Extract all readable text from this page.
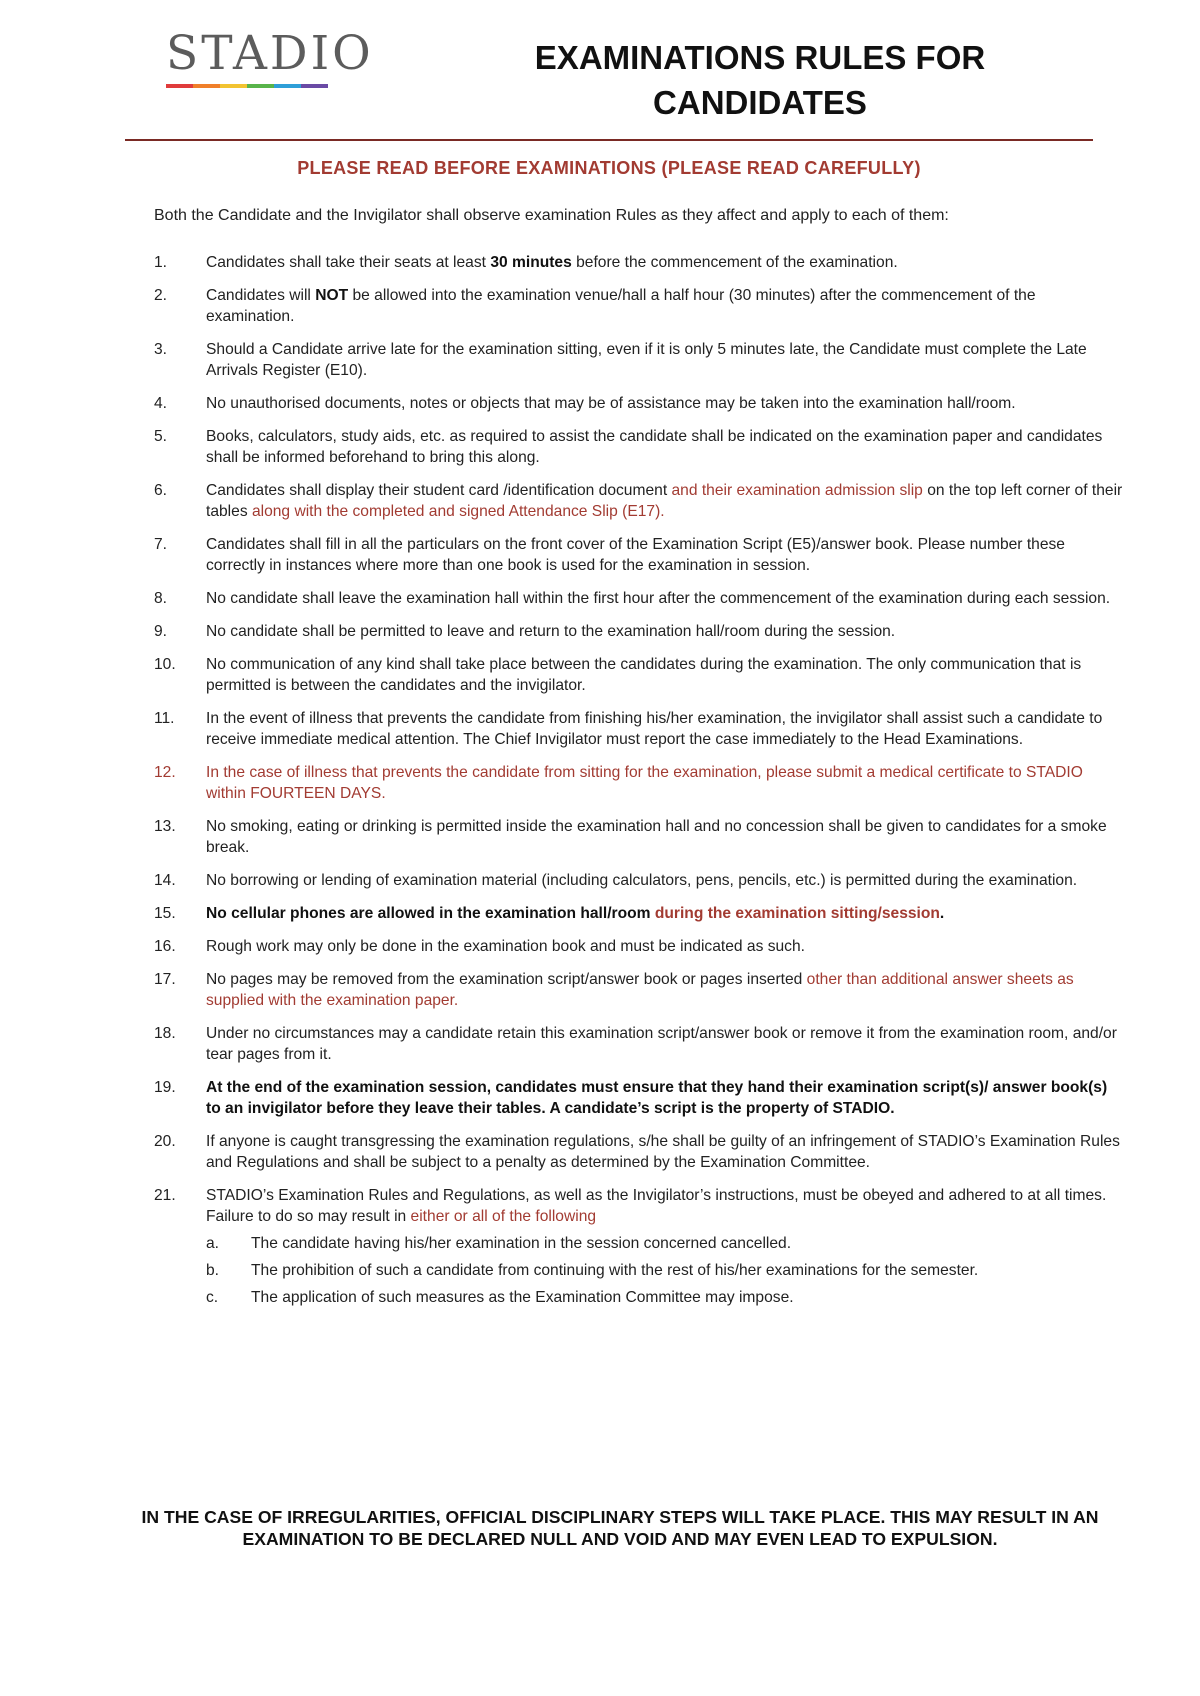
STADIO	EXAMINATIONS RULES FOR
CANDIDATES
PLEASE READ BEFORE EXAMINATIONS (PLEASE READ CAREFULLY)
Both the Candidate and the Invigilator shall observe examination Rules as they affect and apply to each of them:
1. Candidates shall take their seats at least 30 minutes before the commencement of the examination.
2. Candidates will NOT be allowed into the examination venue/hall a half hour (30 minutes) after the commencement of the examination.
3. Should a Candidate arrive late for the examination sitting, even if it is only 5 minutes late, the Candidate must complete the Late Arrivals Register (E10).
4. No unauthorised documents, notes or objects that may be of assistance may be taken into the examination hall/room.
5. Books, calculators, study aids, etc. as required to assist the candidate shall be indicated on the examination paper and candidates shall be informed beforehand to bring this along.
6. Candidates shall display their student card /identification document and their examination admission slip on the top left corner of their tables along with the completed and signed Attendance Slip (E17).
7. Candidates shall fill in all the particulars on the front cover of the Examination Script (E5)/answer book. Please number these correctly in instances where more than one book is used for the examination in session.
8. No candidate shall leave the examination hall within the first hour after the commencement of the examination during each session.
9. No candidate shall be permitted to leave and return to the examination hall/room during the session.
10. No communication of any kind shall take place between the candidates during the examination. The only communication that is permitted is between the candidates and the invigilator.
11. In the event of illness that prevents the candidate from finishing his/her examination, the invigilator shall assist such a candidate to receive immediate medical attention. The Chief Invigilator must report the case immediately to the Head Examinations.
12. In the case of illness that prevents the candidate from sitting for the examination, please submit a medical certificate to STADIO within FOURTEEN DAYS.
13. No smoking, eating or drinking is permitted inside the examination hall and no concession shall be given to candidates for a smoke break.
14. No borrowing or lending of examination material (including calculators, pens, pencils, etc.) is permitted during the examination.
15. No cellular phones are allowed in the examination hall/room during the examination sitting/session.
16. Rough work may only be done in the examination book and must be indicated as such.
17. No pages may be removed from the examination script/answer book or pages inserted other than additional answer sheets as supplied with the examination paper.
18. Under no circumstances may a candidate retain this examination script/answer book or remove it from the examination room, and/or tear pages from it.
19. At the end of the examination session, candidates must ensure that they hand their examination script(s)/ answer book(s) to an invigilator before they leave their tables. A candidate’s script is the property of STADIO.
20. If anyone is caught transgressing the examination regulations, s/he shall be guilty of an infringement of STADIO’s Examination Rules and Regulations and shall be subject to a penalty as determined by the Examination Committee.
21. STADIO’s Examination Rules and Regulations, as well as the Invigilator’s instructions, must be obeyed and adhered to at all times. Failure to do so may result in either or all of the following
a. The candidate having his/her examination in the session concerned cancelled.
b. The prohibition of such a candidate from continuing with the rest of his/her examinations for the semester.
c. The application of such measures as the Examination Committee may impose.
IN THE CASE OF IRREGULARITIES, OFFICIAL DISCIPLINARY STEPS WILL TAKE PLACE. THIS MAY RESULT IN AN EXAMINATION TO BE DECLARED NULL AND VOID AND MAY EVEN LEAD TO EXPULSION.
